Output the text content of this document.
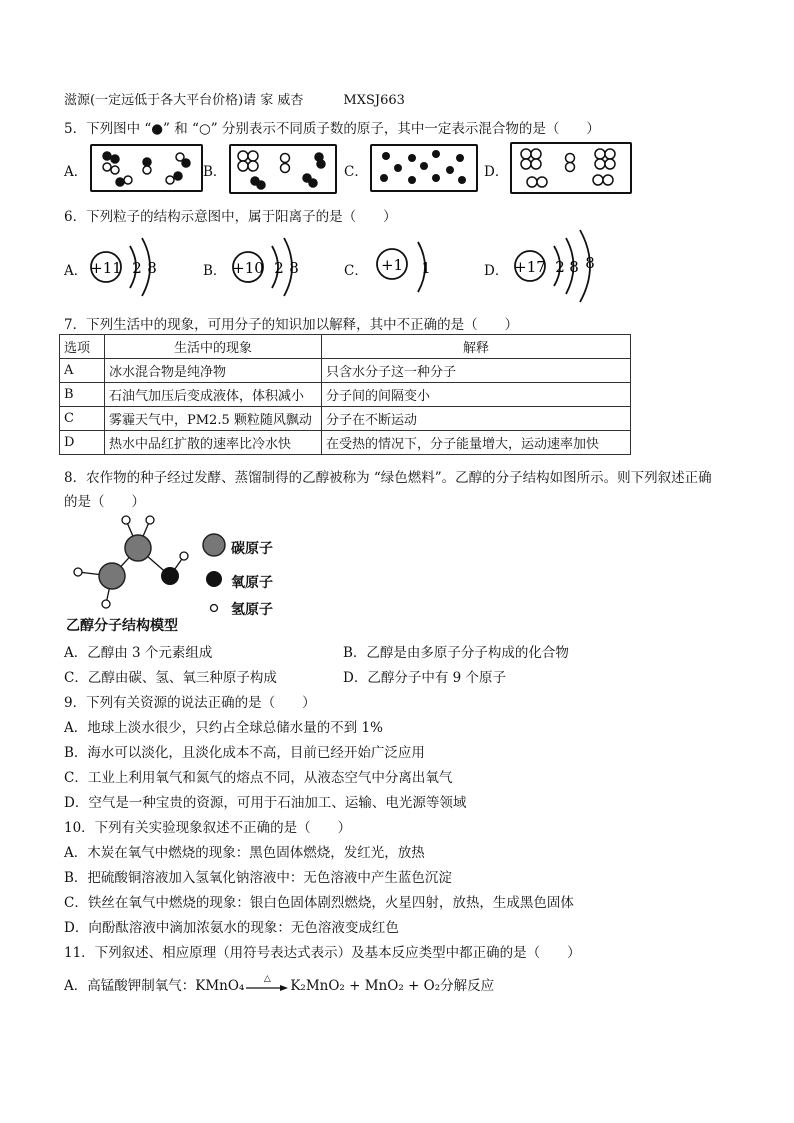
滋源(一定远低于各大平台价格)请 家 威杏	MXSJ663
5．下列图中 “●” 和 “○” 分别表示不同质子数的原子，其中一定表示混合物的是（　　）
A．	B．	C．	D．
6．下列粒子的结构示意图中，属于阳离子的是（　　）
A． +11 2 8	B． +10 2 8	C． +1 1	D． +17 2 8 8
7．下列生活中的现象，可用分子的知识加以解释，其中不正确的是（　　）
选项	生活中的现象	解释
A	冰水混合物是纯净物	只含水分子这一种分子
B	石油气加压后变成液体，体积减小	分子间的间隔变小
C	雾霾天气中，PM2.5 颗粒随风飘动	分子在不断运动
D	热水中品红扩散的速率比冷水快	在受热的情况下，分子能量增大，运动速率加快
8．农作物的种子经过发酵、蒸馏制得的乙醇被称为 “绿色燃料”。乙醇的分子结构如图所示。则下列叙述正确
的是（　　）
乙醇分子结构模型
碳原子
氧原子
氢原子
A．乙醇由 3 个元素组成	B．乙醇是由多原子分子构成的化合物
C．乙醇由碳、氢、氧三种原子构成	D．乙醇分子中有 9 个原子
9．下列有关资源的说法正确的是（　　）
A．地球上淡水很少，只约占全球总储水量的不到 1%
B．海水可以淡化，且淡化成本不高，目前已经开始广泛应用
C．工业上利用氧气和氮气的熔点不同，从液态空气中分离出氧气
D．空气是一种宝贵的资源，可用于石油加工、运输、电光源等领域
10．下列有关实验现象叙述不正确的是（　　）
A．木炭在氧气中燃烧的现象：黑色固体燃烧，发红光，放热
B．把硫酸铜溶液加入氢氧化钠溶液中：无色溶液中产生蓝色沉淀
C．铁丝在氧气中燃烧的现象：银白色固体剧烈燃烧，火星四射，放热，生成黑色固体
D．向酚酞溶液中滴加浓氨水的现象：无色溶液变成红色
11．下列叙述、相应原理（用符号表达式表示）及基本反应类型中都正确的是（　　）
A．高锰酸钾制氧气：KMnO₄	△	K₂MnO₂ + MnO₂ + O₂分解反应
